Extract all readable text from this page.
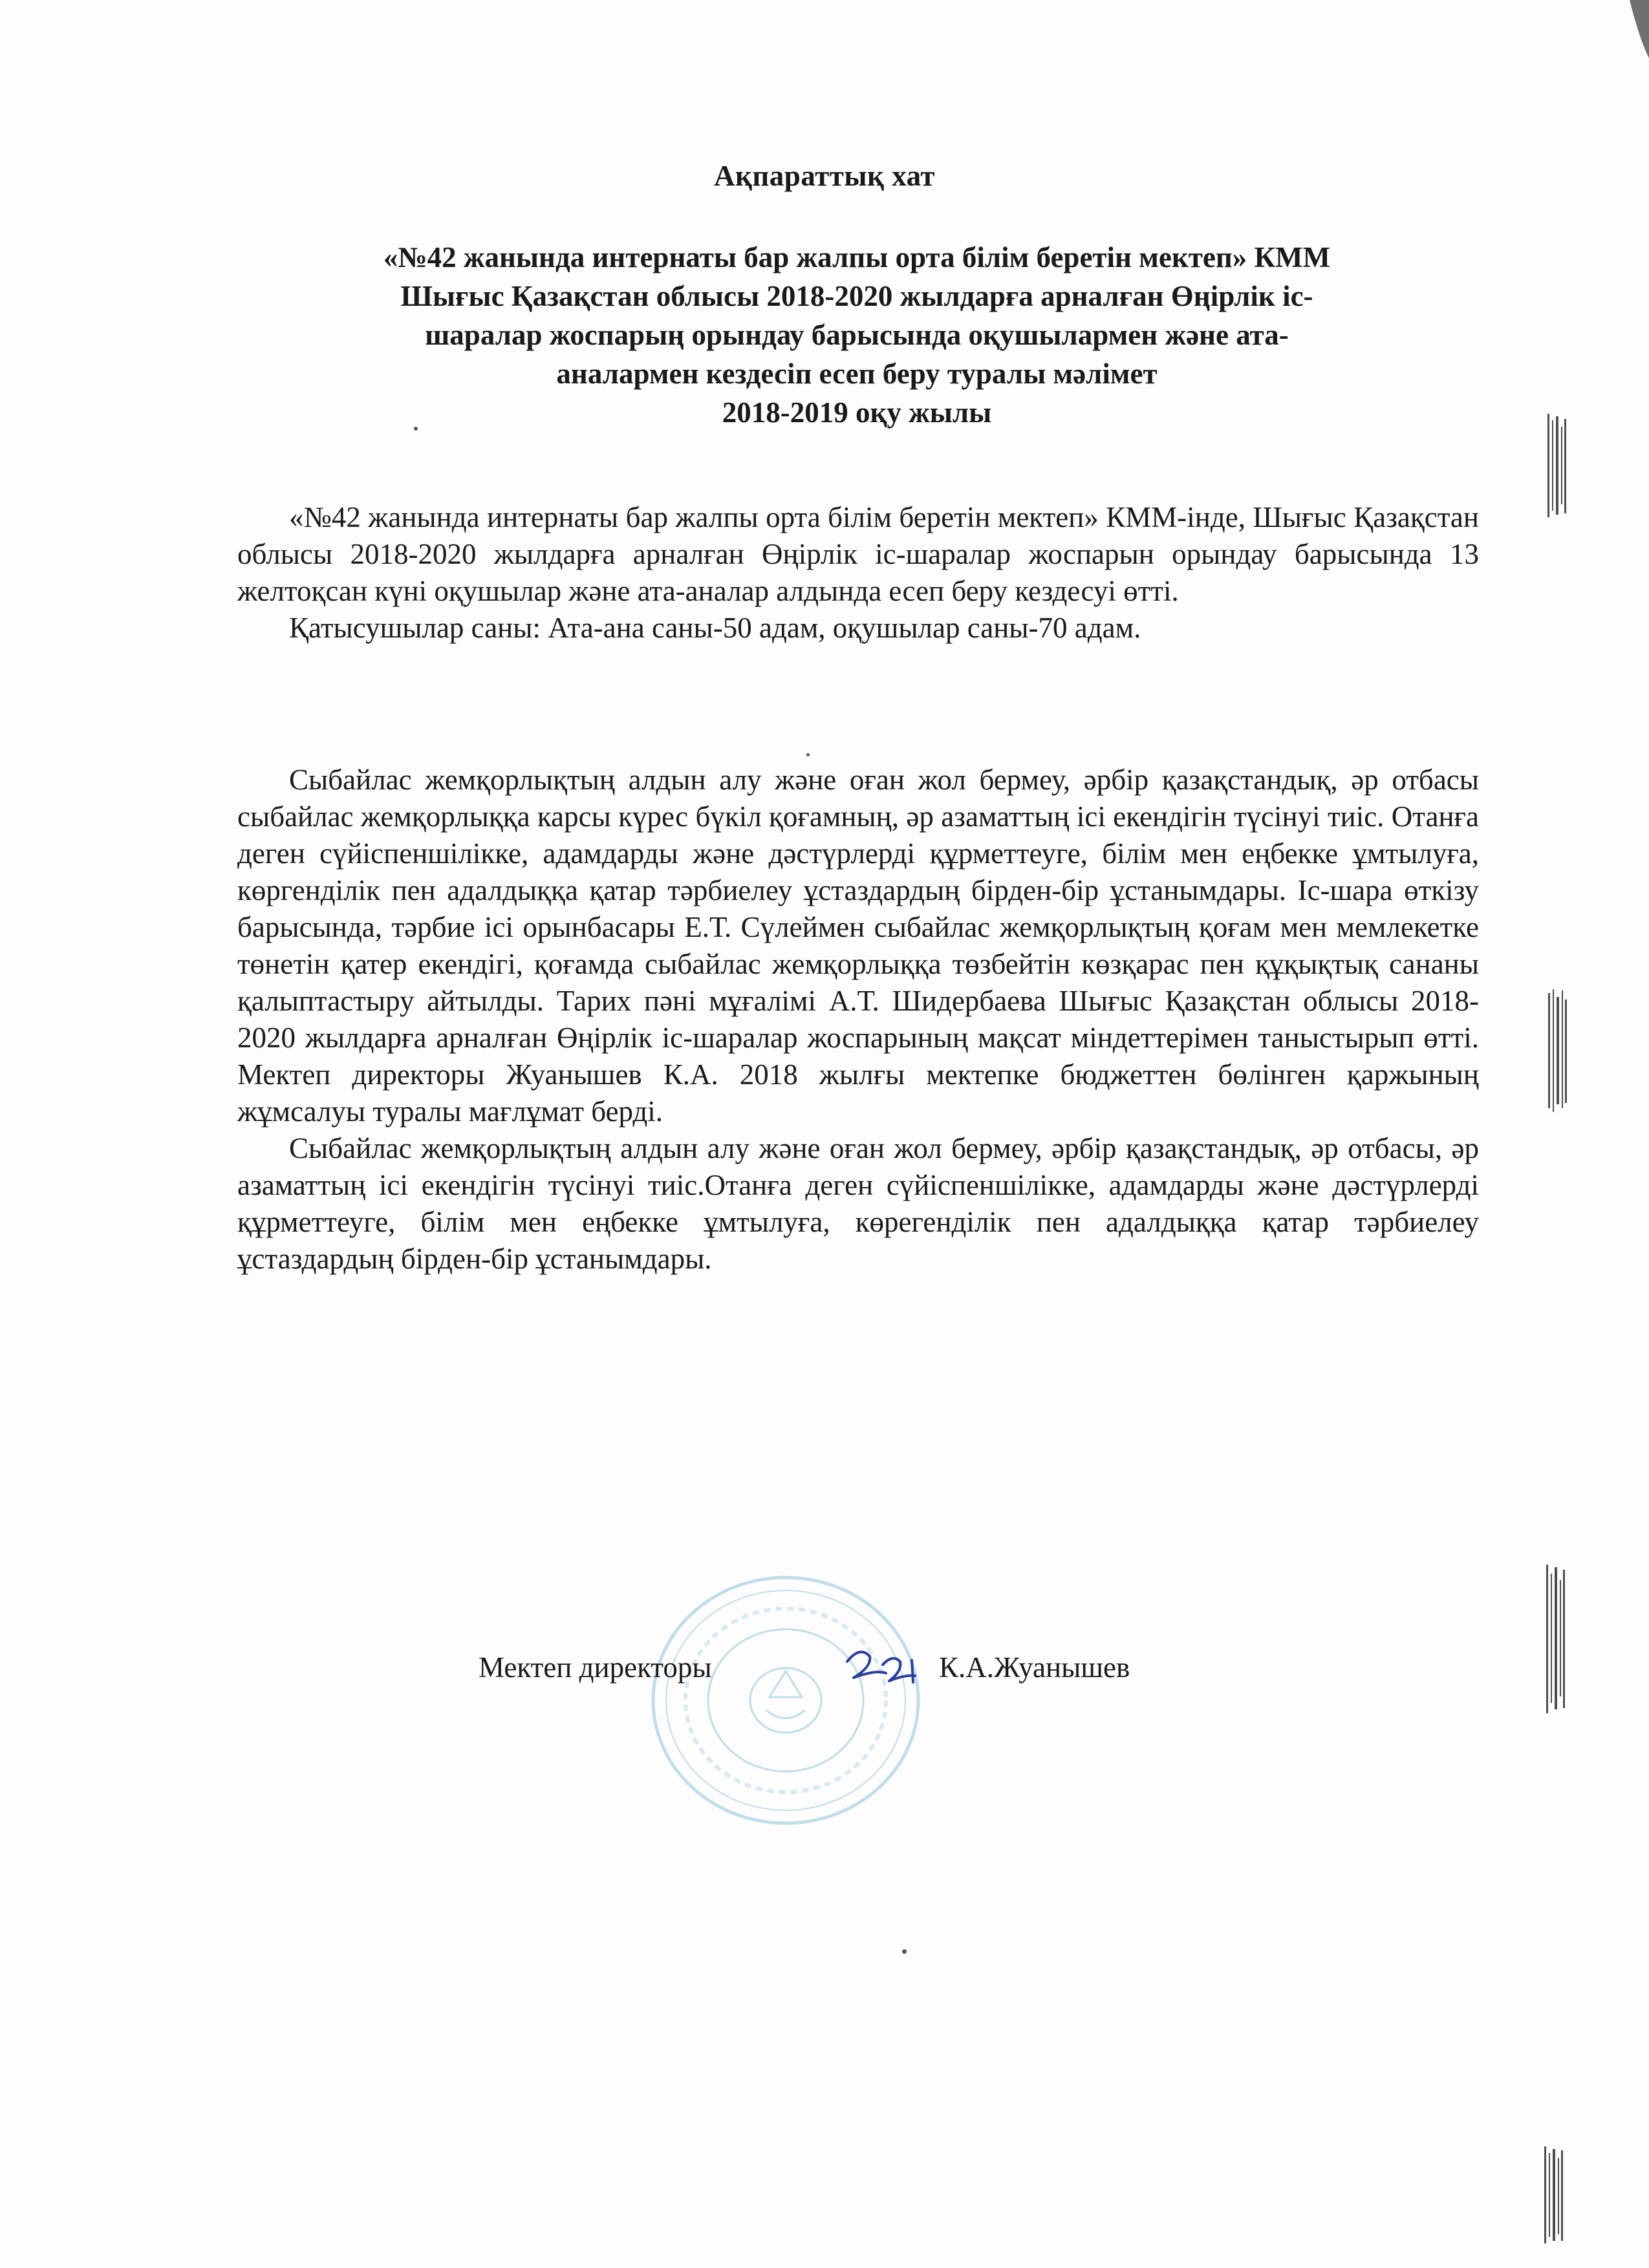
Ақпараттық хат
«№42 жанында интернаты бар жалпы орта білім беретін мектеп» КММ
Шығыс Қазақстан облысы 2018-2020 жылдарға арналған Өңірлік іс-
шаралар жоспарың орындау барысында оқушылармен және ата-
аналармен кездесіп есеп беру туралы мәлімет
2018-2019 оқу жылы

«№42 жанында интернаты бар жалпы орта білім беретін мектеп» КММ-інде, Шығыс Қазақстан облысы 2018-2020 жылдарға арналған Өңірлік іс-шаралар жоспарын орындау барысында 13 желтоқсан күні оқушылар және ата-аналар алдында есеп беру кездесуі өтті.

Қатысушылар саны: Ата-ана саны-50 адам, оқушылар саны-70 адам.

Сыбайлас жемқорлықтың алдын алу және оған жол бермеу, әрбір қазақстандық, әр отбасы сыбайлас жемқорлыққа карсы күрес бүкіл қоғамның, әр азаматтың ісі екендігін түсінуі тиіс. Отанға деген сүйіспеншілікке, адамдарды және дәстүрлерді құрметтеуге, білім мен еңбекке ұмтылуға, көргенділік пен адалдыққа қатар тәрбиелеу ұстаздардың бірден-бір ұстанымдары. Іс-шара өткізу барысында, тәрбие ісі орынбасары Е.Т. Сүлеймен сыбайлас жемқорлықтың қоғам мен мемлекетке төнетін қатер екендігі, қоғамда сыбайлас жемқорлыққа төзбейтін көзқарас пен құқықтық сананы қалыптастыру айтылды. Тарих пәні мұғалімі А.Т. Шидербаева Шығыс Қазақстан облысы 2018-2020 жылдарға арналған Өңірлік іс-шаралар жоспарының мақсат міндеттерімен таныстырып өтті. Мектеп директоры Жуанышев К.А. 2018 жылғы мектепке бюджеттен бөлінген қаржының жұмсалуы туралы мағлұмат берді.

Сыбайлас жемқорлықтың алдын алу және оған жол бермеу, әрбір қазақстандық, әр отбасы, әр азаматтың ісі екендігін түсінуі тиіс.Отанға деген сүйіспеншілікке, адамдарды және дәстүрлерді құрметтеуге, білім мен еңбекке ұмтылуға, көрегенділік пен адалдыққа қатар тәрбиелеу ұстаздардың бірден-бір ұстанымдары.

Мектеп директоры	К.А.Жуанышев
